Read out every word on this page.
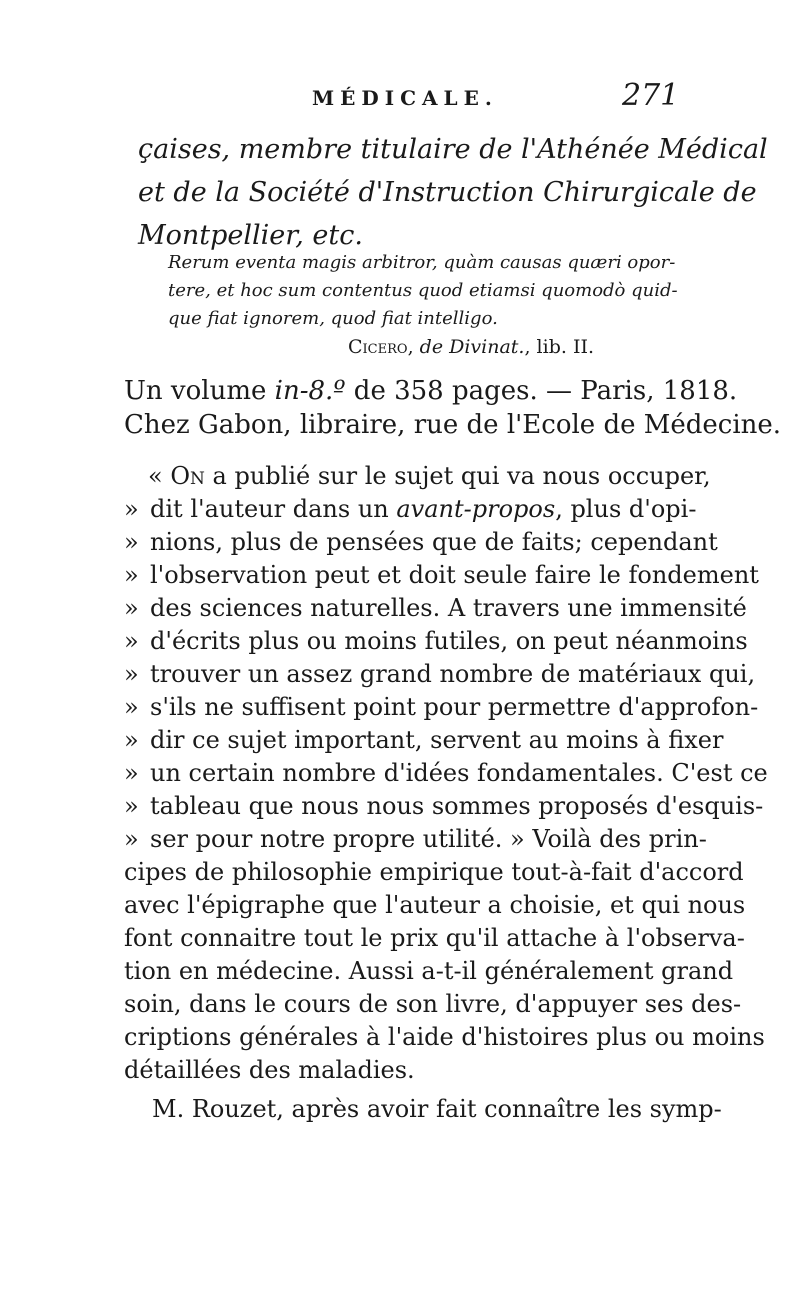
MÉDICALE.	271
çaises, membre titulaire de l'Athénée Médical
et de la Société d'Instruction Chirurgicale de
Montpellier, etc.
Rerum eventa magis arbitror, quàm causas quæri opor-
tere, et hoc sum contentus quod etiamsi quomodò quid-
que fiat ignorem, quod fiat intelligo.
Cicero, de Divinat., lib. II.
Un volume in-8.º de 358 pages. — Paris, 1818.
Chez Gabon, libraire, rue de l'Ecole de Médecine.
« On a publié sur le sujet qui va nous occuper,
» dit l'auteur dans un avant-propos, plus d'opi-
» nions, plus de pensées que de faits; cependant
» l'observation peut et doit seule faire le fondement
» des sciences naturelles. A travers une immensité
» d'écrits plus ou moins futiles, on peut néanmoins
» trouver un assez grand nombre de matériaux qui,
» s'ils ne suffisent point pour permettre d'approfon-
» dir ce sujet important, servent au moins à fixer
» un certain nombre d'idées fondamentales. C'est ce
» tableau que nous nous sommes proposés d'esquis-
» ser pour notre propre utilité. » Voilà des prin-
cipes de philosophie empirique tout-à-fait d'accord
avec l'épigraphe que l'auteur a choisie, et qui nous
font connaitre tout le prix qu'il attache à l'observa-
tion en médecine. Aussi a-t-il généralement grand
soin, dans le cours de son livre, d'appuyer ses des-
criptions générales à l'aide d'histoires plus ou moins
détaillées des maladies.
M. Rouzet, après avoir fait connaître les symp-
